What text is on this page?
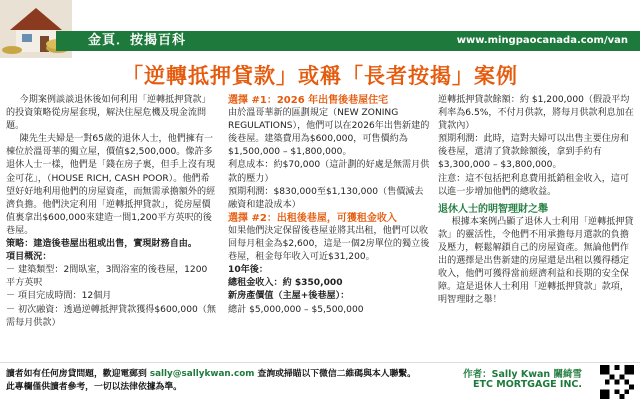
金頁．按揭百科	www.mingpaocanada.com/van
「逆轉抵押貸款」或稱「長者按揭」案例

今期案例談談退休後如何利用「逆轉抵押貸款」的投資策略從房屋套現，解決住屋危機及現金流問題。

陳先生夫婦是一對65歲的退休人士，他們擁有一棟位於溫哥華的獨立屋，價值$2,500,000。像許多退休人士一樣，他們是「錢在房子裏，但手上沒有現金可花」，（HOUSE RICH, CASH POOR）。他們希望好好地利用他們的房屋資產，而無需承擔額外的經濟負擔。他們決定利用「逆轉抵押貸款」，從房屋價值裏拿出$600,000來建造一間1,200平方英呎的後巷屋。

策略：建造後巷屋出租或出售，實現財務自由。

項目概況：

－ 建築類型：2間臥室，3間浴室的後巷屋，1200 平方英呎

－ 項目完成時間：12個月

－ 初次融資：透過逆轉抵押貸款獲得$600,000（無需每月供款）

選擇 #1：2026 年出售後巷屋住宅

由於溫哥華新的區劃規定（NEW ZONING REGULATIONS），他們可以在2026年出售新建的後巷屋。建築費用為$600,000，可售價約為$1,500,000 – $1,800,000。

利息成本：約$70,000（這計劃的好處是無需月供款的壓力）

預期利潤：$830,000至$1,130,000（售價減去融資和建設成本）

選擇 #2：出租後巷屋，可獲租金收入

如果他們決定保留後巷屋並將其出租，他們可以收回每月租金為$2,600，這是一個2房單位的獨立後巷屋，租金每年收入可近$31,200。

10年後：

總租金收入：約 $350,000

新房產價值（主屋+後巷屋）：

總計 $5,000,000 – $5,500,000

逆轉抵押貸款餘額：約 $1,200,000（假設平均利率為6.5%，不付月供款，將每月供款利息加在貸款內）

預期利潤：此時，這對夫婦可以出售主要住房和後巷屋，還清了貸款餘額後，拿到手約有$3,300,000 – $3,800,000。

注意：這不包括把利息費用抵銷租金收入，這可以進一步增加他們的總收益。

退休人士的明智理財之舉

根據本案例凸顯了退休人士利用「逆轉抵押貸款」的靈活性，令他們不用承擔每月還款的負擔及壓力，輕鬆解鎖自己的房屋資產。無論他們作出的選擇是出售新建的房屋還是出租以獲得穩定收入，他們可獲得當前經濟利益和長期的安全保障。這是退休人士利用「逆轉抵押貸款」款項，明智理財之舉！

讀者如有任何房貸問題，歡迎電郵到 sally@sallykwan.com 查詢或掃瞄以下微信二維碼與本人聯繫。
此專欄僅供讀者參考，一切以法律依據為準。
作者：Sally Kwan 關綺雪
ETC MORTGAGE INC.
